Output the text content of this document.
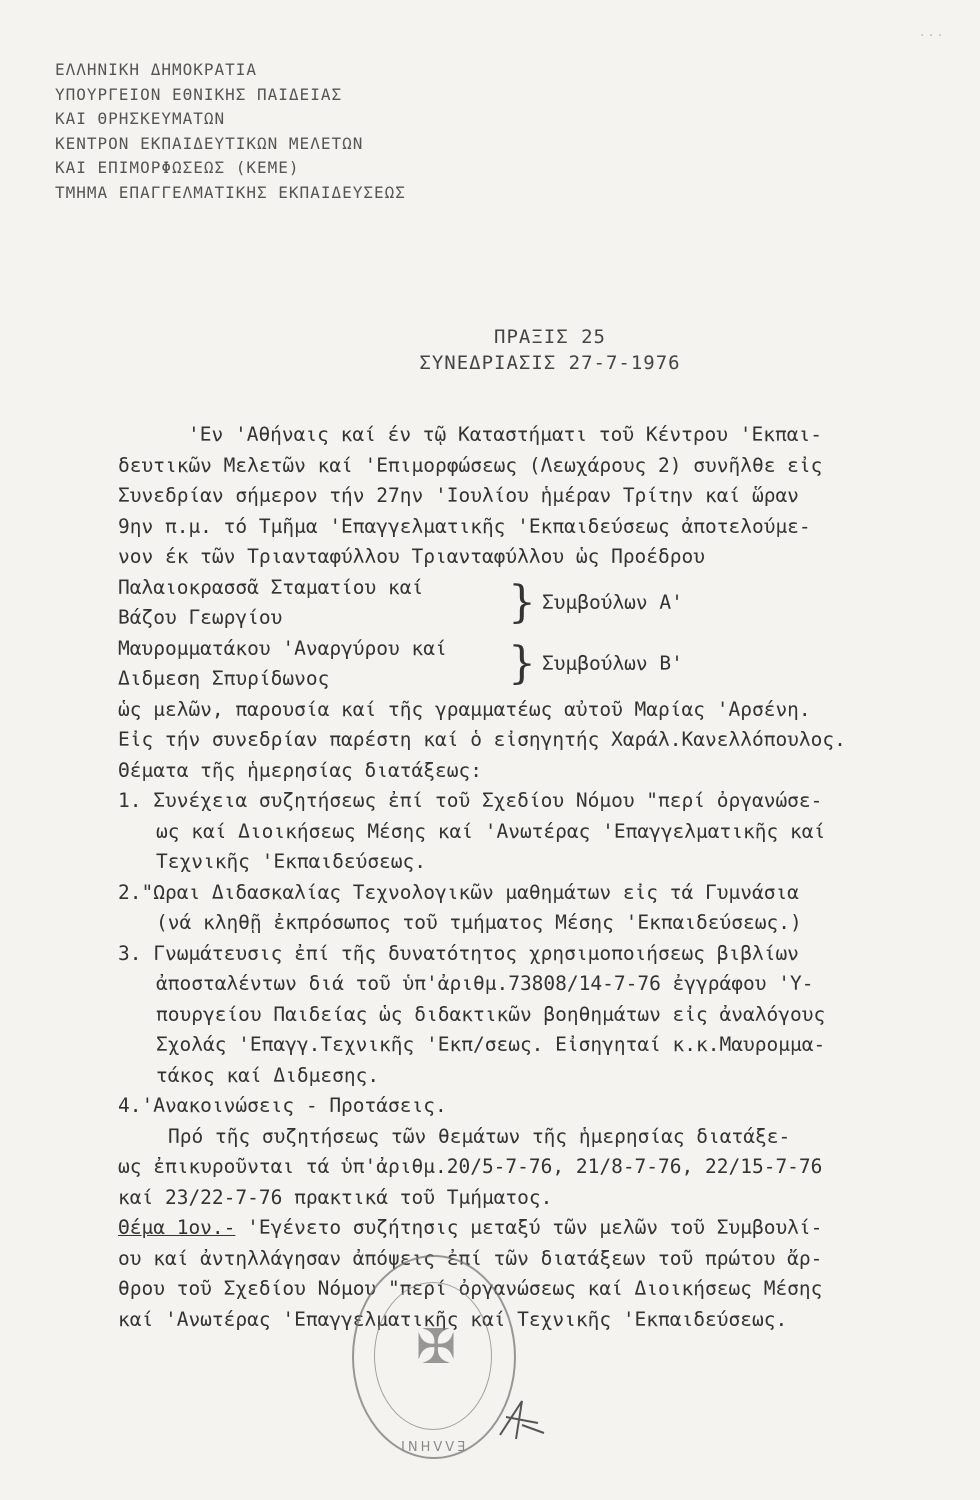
· · ·
ΕΛΛΗΝΙΚΗ ΔΗΜΟΚΡΑΤΙΑ
ΥΠΟΥΡΓΕΙΟΝ ΕΘΝΙΚΗΣ ΠΑΙΔΕΙΑΣ
ΚΑΙ ΘΡΗΣΚΕΥΜΑΤΩΝ
ΚΕΝΤΡΟΝ ΕΚΠΑΙΔΕΥΤΙΚΩΝ ΜΕΛΕΤΩΝ
ΚΑΙ ΕΠΙΜΟΡΦΩΣΕΩΣ (ΚΕΜΕ)
ΤΜΗΜΑ ΕΠΑΓΓΕΛΜΑΤΙΚΗΣ ΕΚΠΑΙΔΕΥΣΕΩΣ
ΠΡΑΞΙΣ 25
ΣΥΝΕΔΡΙΑΣΙΣ 27-7-1976
'Εν 'Αθήναις καί έν τῷ Καταστήματι τοῦ Κέντρου 'Εκπαι-
δευτικῶν Μελετῶν καί 'Επιμορφώσεως (Λεωχάρους 2) συνῆλθε εἰς
Συνεδρίαν σήμερον τήν 27ην 'Ιουλίου ἡμέραν Τρίτην καί ὥραν
9ην π.μ. τό Τμῆμα 'Επαγγελματικῆς 'Εκπαιδεύσεως ἀποτελούμε-
νον έκ τῶν Τριανταφύλλου Τριανταφύλλου ὡς Προέδρου
Παλαιοκρασσᾶ Σταματίου καί
Βάζου Γεωργίου	} Συμβούλων Α'
Μαυρομματάκου 'Αναργύρου καί
Διδμεση Σπυρίδωνος	} Συμβούλων Β'
ὡς μελῶν, παρουσία καί τῆς γραμματέως αὐτοῦ Μαρίας 'Αρσένη.
Εἰς τήν συνεδρίαν παρέστη καί ὁ εἰσηγητής Χαράλ.Κανελλόπουλος.
Θέματα τῆς ἡμερησίας διατάξεως:
1. Συνέχεια συζητήσεως ἐπί τοῦ Σχεδίου Νόμου "περί ὀργανώσε-
ως καί Διοικήσεως Μέσης καί 'Ανωτέρας 'Επαγγελματικῆς καί
Τεχνικῆς 'Εκπαιδεύσεως.
2."Ωραι Διδασκαλίας Τεχνολογικῶν μαθημάτων εἰς τά Γυμνάσια
(νά κληθῇ ἐκπρόσωπος τοῦ τμήματος Μέσης 'Εκπαιδεύσεως.)
3. Γνωμάτευσις ἐπί τῆς δυνατότητος χρησιμοποιήσεως βιβλίων
ἀποσταλέντων διά τοῦ ὑπ'ἀριθμ.73808/14-7-76 ἐγγράφου 'Υ-
πουργείου Παιδείας ὡς διδακτικῶν βοηθημάτων εἰς ἀναλόγους
Σχολάς 'Επαγγ.Τεχνικῆς 'Εκπ/σεως. Εἰσηγηταί κ.κ.Μαυρομμα-
τάκος καί Διδμεσης.
4.'Ανακοινώσεις - Προτάσεις.
Πρό τῆς συζητήσεως τῶν θεμάτων τῆς ἡμερησίας διατάξε-
ως ἐπικυροῦνται τά ὑπ'ἀριθμ.20/5-7-76, 21/8-7-76, 22/15-7-76
καί 23/22-7-76 πρακτικά τοῦ Τμήματος.
Θέμα 1ον.- 'Εγένετο συζήτησις μεταξύ τῶν μελῶν τοῦ Συμβουλί-
ου καί ἀντηλλάγησαν ἀπόψεις ἐπί τῶν διατάξεων τοῦ πρώτου ἄρ-
θρου τοῦ Σχεδίου Νόμου "περί ὀργανώσεως καί Διοικήσεως Μέσης
καί 'Ανωτέρας 'Επαγγελματικῆς καί Τεχνικῆς 'Εκπαιδεύσεως.
✠
ΕΛΛΗΝΙ
